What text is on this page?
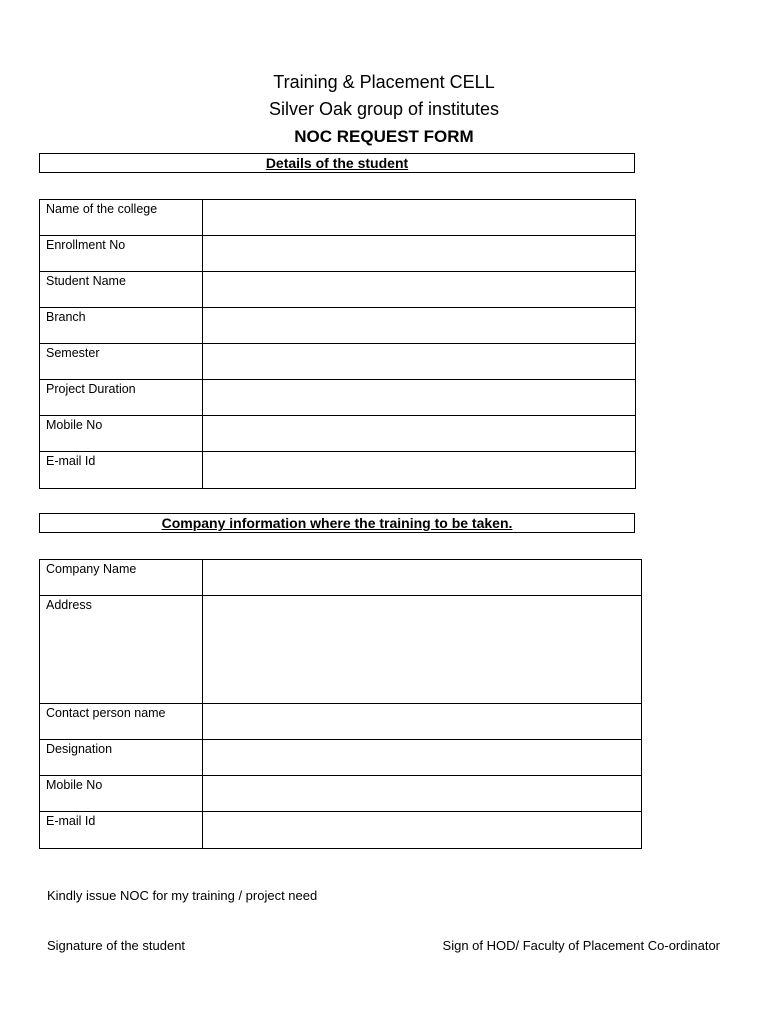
Training & Placement CELL
Silver Oak group of institutes
NOC REQUEST FORM
Details of the student
Name of the college	
Enrollment No	
Student Name	
Branch	
Semester	
Project Duration	
Mobile No	
E-mail Id	
Company information where the training to be taken.
Company Name	
Address	
Contact person name	
Designation	
Mobile No	
E-mail Id	
Kindly issue NOC for my training / project need
Signature of the student	Sign of HOD/ Faculty of Placement Co-ordinator
